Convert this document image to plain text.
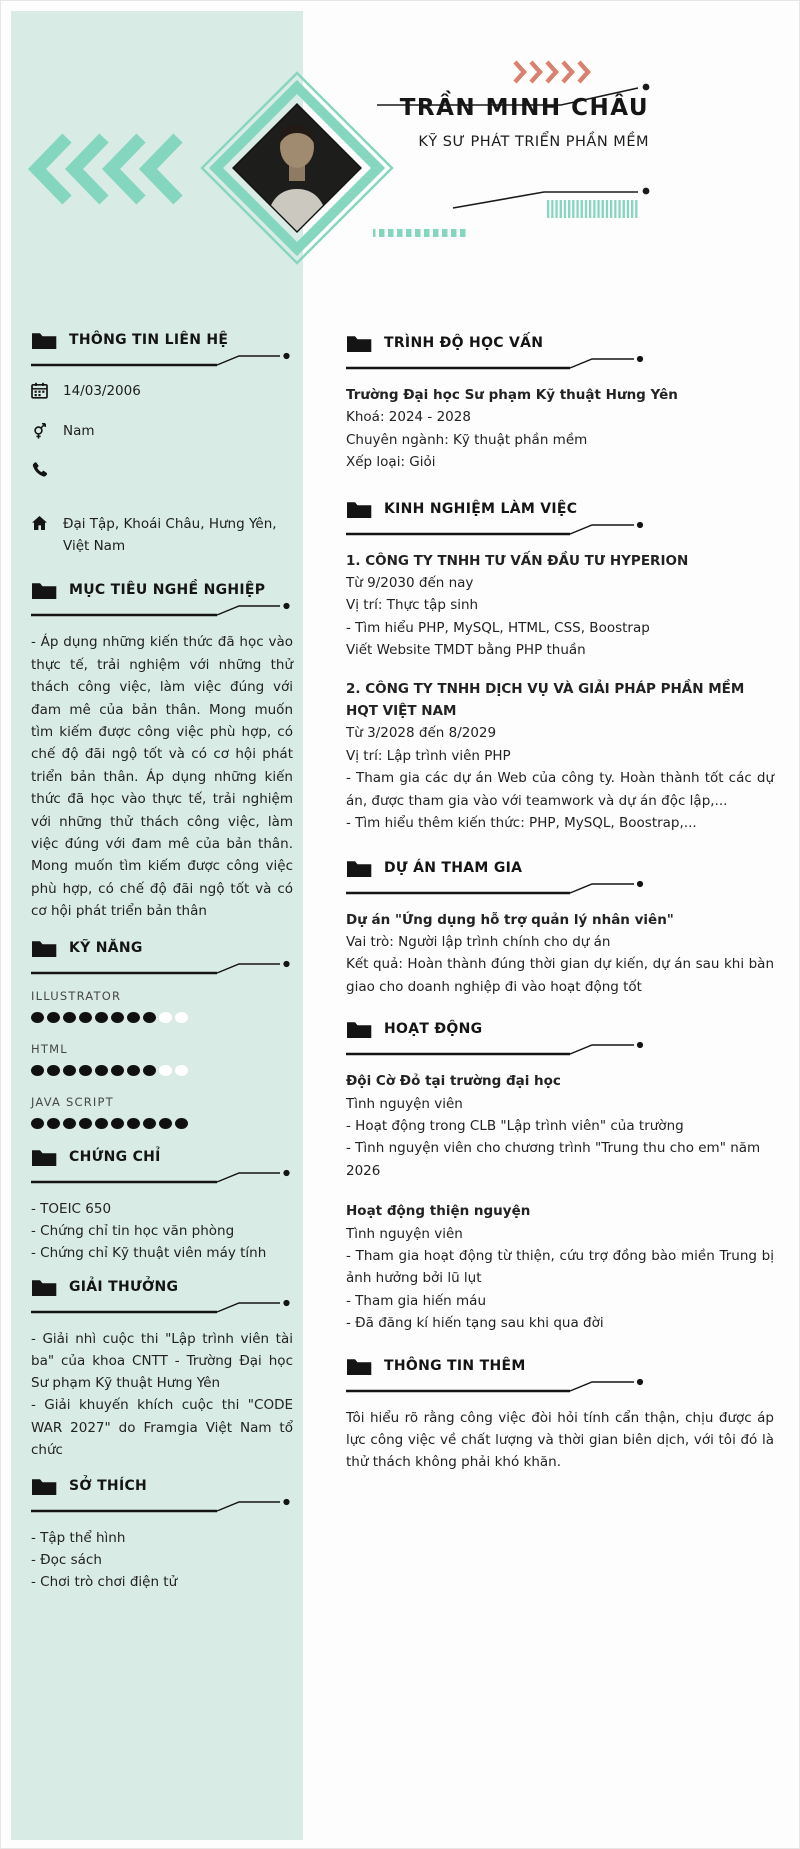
TRẦN MINH CHÂU
KỸ SƯ PHÁT TRIỂN PHẦN MỀM
THÔNG TIN LIÊN HỆ
14/03/2006
Nam
Đại Tập, Khoái Châu, Hưng Yên, Việt Nam
MỤC TIÊU NGHỀ NGHIỆP

- Áp dụng những kiến thức đã học vào thực tế, trải nghiệm với những thử thách công việc, làm việc đúng với đam mê của bản thân. Mong muốn tìm kiếm được công việc phù hợp, có chế độ đãi ngộ tốt và có cơ hội phát triển bản thân. Áp dụng những kiến thức đã học vào thực tế, trải nghiệm với những thử thách công việc, làm việc đúng với đam mê của bản thân. Mong muốn tìm kiếm được công việc phù hợp, có chế độ đãi ngộ tốt và có cơ hội phát triển bản thân

KỸ NĂNG
ILLUSTRATOR
HTML
JAVA SCRIPT
CHỨNG CHỈ

- TOEIC 650

- Chứng chỉ tin học văn phòng

- Chứng chỉ Kỹ thuật viên máy tính

GIẢI THƯỞNG

- Giải nhì cuộc thi "Lập trình viên tài ba" của khoa CNTT - Trường Đại học Sư phạm Kỹ thuật Hưng Yên

- Giải khuyến khích cuộc thi "CODE WAR 2027" do Framgia Việt Nam tổ chức

SỞ THÍCH

- Tập thể hình

- Đọc sách

- Chơi trò chơi điện tử

TRÌNH ĐỘ HỌC VẤN

Trường Đại học Sư phạm Kỹ thuật Hưng Yên

Khoá: 2024 - 2028

Chuyên ngành: Kỹ thuật phần mềm

Xếp loại: Giỏi

KINH NGHIỆM LÀM VIỆC

1. CÔNG TY TNHH TƯ VẤN ĐẦU TƯ HYPERION

Từ 9/2030 đến nay

Vị trí: Thực tập sinh

- Tìm hiểu PHP, MySQL, HTML, CSS, Boostrap

Viết Website TMDT bằng PHP thuần

2. CÔNG TY TNHH DỊCH VỤ VÀ GIẢI PHÁP PHẦN MỀM HQT VIỆT NAM

Từ 3/2028 đến 8/2029

Vị trí: Lập trình viên PHP

- Tham gia các dự án Web của công ty. Hoàn thành tốt các dự án, được tham gia vào với teamwork và dự án độc lập,...

- Tìm hiểu thêm kiến thức: PHP, MySQL, Boostrap,...

DỰ ÁN THAM GIA

Dự án "Ứng dụng hỗ trợ quản lý nhân viên"

Vai trò: Người lập trình chính cho dự án

Kết quả: Hoàn thành đúng thời gian dự kiến, dự án sau khi bàn giao cho doanh nghiệp đi vào hoạt động tốt

HOẠT ĐỘNG

Đội Cờ Đỏ tại trường đại học

Tình nguyện viên

- Hoạt động trong CLB "Lập trình viên" của trường

- Tình nguyện viên cho chương trình "Trung thu cho em" năm 2026

Hoạt động thiện nguyện

Tình nguyện viên

- Tham gia hoạt động từ thiện, cứu trợ đồng bào miền Trung bị ảnh hưởng bởi lũ lụt

- Tham gia hiến máu

- Đã đăng kí hiến tạng sau khi qua đời

THÔNG TIN THÊM

Tôi hiểu rõ rằng công việc đòi hỏi tính cẩn thận, chịu được áp lực công việc về chất lượng và thời gian biên dịch, với tôi đó là thử thách không phải khó khăn.
